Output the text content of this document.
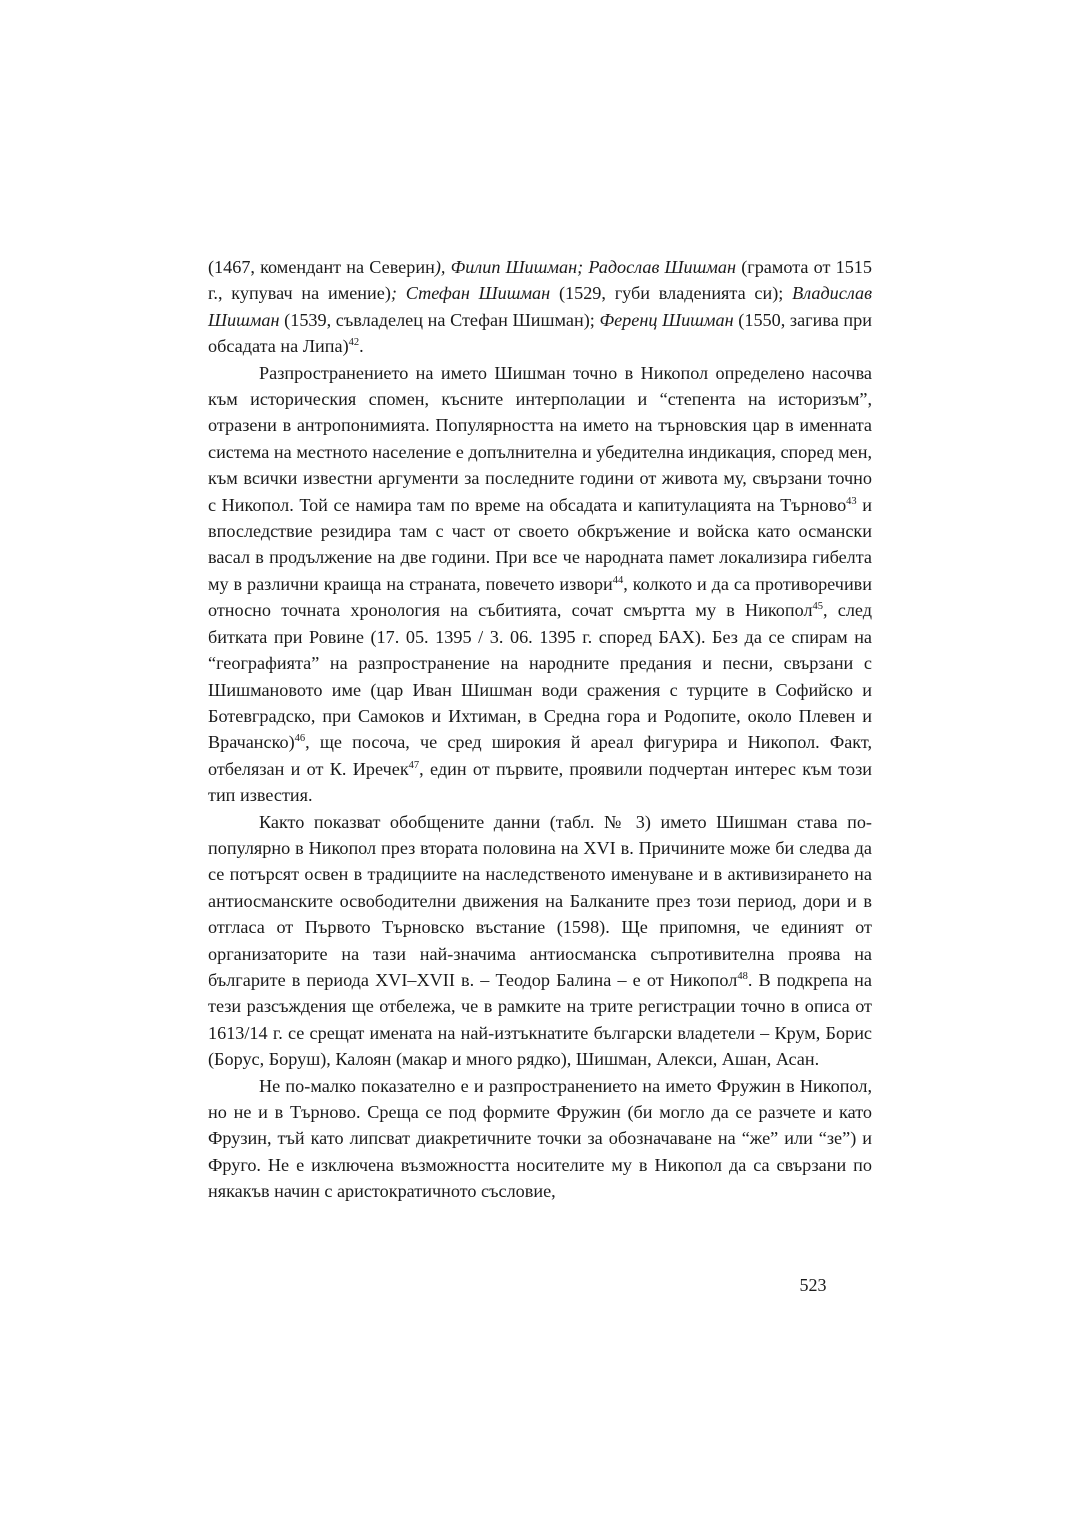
(1467, комендант на Северин), Филип Шишман; Радослав Шишман (грамота от 1515 г., купувач на имение); Стефан Шишман (1529, губи владенията си); Владислав Шишман (1539, съвладелец на Стефан Шишман); Ференц Шишман (1550, загива при обсадата на Липа)$^{42}$.

Разпространението на името Шишман точно в Никопол определено насочва към историческия спомен, късните интерполации и “степента на историзъм”, отразени в антропонимията. Популярността на името на търновския цар в именната система на местното население е допълнителна и убедителна индикация, според мен, към всички известни аргументи за последните години от живота му, свързани точно с Никопол. Той се намира там по време на обсадата и капитулацията на Търново$^{43}$ и впоследствие резидира там с част от своето обкръжение и войска като османски васал в продължение на две години. При все че народната памет локализира гибелта му в различни краища на страната, повечето извори$^{44}$, колкото и да са противоречиви относно точната хронология на събитията, сочат смъртта му в Никопол$^{45}$, след битката при Ровине (17. 05. 1395 / 3. 06. 1395 г. според БАХ). Без да се спирам на “географията” на разпространение на народните предания и песни, свързани с Шишмановото име (цар Иван Шишман води сражения с турците в Софийско и Ботевградско, при Самоков и Ихтиман, в Средна гора и Родопите, около Плевен и Врачанско)$^{46}$, ще посоча, че сред широкия й ареал фигурира и Никопол. Факт, отбелязан и от К. Иречек$^{47}$, един от първите, проявили подчертан интерес към този тип известия.

Както показват обобщените данни (табл. № 3) името Шишман става по-популярно в Никопол през втората половина на XVI в. Причините може би следва да се потърсят освен в традициите на наследственото именуване и в активизирането на антиосманските освободителни движения на Балканите през този период, дори и в отгласа от Първото Търновско въстание (1598). Ще припомня, че единият от организаторите на тази най-значима антиосманска съпротивителна проява на българите в периода XVI–XVII в. – Теодор Балина – е от Никопол$^{48}$. В подкрепа на тези разсъждения ще отбележа, че в рамките на трите регистрации точно в описа от 1613/14 г. се срещат имената на най-изтъкнатите български владетели – Крум, Борис (Борус, Боруш), Калоян (макар и много рядко), Шишман, Алекси, Ашан, Асан.

Не по-малко показателно е и разпространението на името Фружин в Никопол, но не и в Търново. Среща се под формите Фружин (би могло да се разчете и като Фрузин, тъй като липсват диакретичните точки за обозначаване на “же” или “зе”) и Фруго. Не е изключена възможността носителите му в Никопол да са свързани по някакъв начин с аристократичното съсловие,

523
